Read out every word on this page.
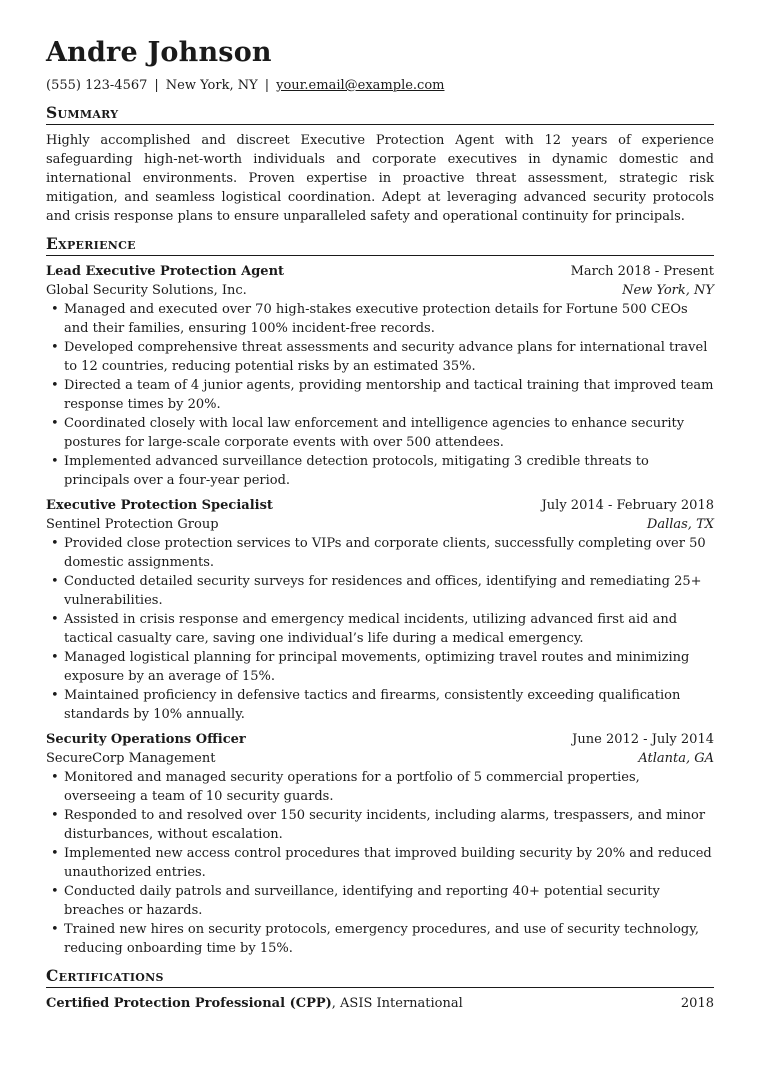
Andre Johnson
(555) 123-4567 | New York, NY | your.email@example.com
Summary
Highly accomplished and discreet Executive Protection Agent with 12 years of experience safeguarding high-net-worth individuals and corporate executives in dynamic domestic and international environments. Proven expertise in proactive threat assessment, strategic risk mitigation, and seamless logistical coordination. Adept at leveraging advanced security protocols and crisis response plans to ensure unparalleled safety and operational continuity for principals.
Experience
Lead Executive Protection Agent	March 2018 - Present
Global Security Solutions, Inc.	New York, NY
• Managed and executed over 70 high-stakes executive protection details for Fortune 500 CEOs and their families, ensuring 100% incident-free records.
• Developed comprehensive threat assessments and security advance plans for international travel to 12 countries, reducing potential risks by an estimated 35%.
• Directed a team of 4 junior agents, providing mentorship and tactical training that improved team response times by 20%.
• Coordinated closely with local law enforcement and intelligence agencies to enhance security postures for large-scale corporate events with over 500 attendees.
• Implemented advanced surveillance detection protocols, mitigating 3 credible threats to principals over a four-year period.
Executive Protection Specialist	July 2014 - February 2018
Sentinel Protection Group	Dallas, TX
• Provided close protection services to VIPs and corporate clients, successfully completing over 50 domestic assignments.
• Conducted detailed security surveys for residences and offices, identifying and remediating 25+ vulnerabilities.
• Assisted in crisis response and emergency medical incidents, utilizing advanced first aid and tactical casualty care, saving one individual’s life during a medical emergency.
• Managed logistical planning for principal movements, optimizing travel routes and minimizing exposure by an average of 15%.
• Maintained proficiency in defensive tactics and firearms, consistently exceeding qualification standards by 10% annually.
Security Operations Officer	June 2012 - July 2014
SecureCorp Management	Atlanta, GA
• Monitored and managed security operations for a portfolio of 5 commercial properties, overseeing a team of 10 security guards.
• Responded to and resolved over 150 security incidents, including alarms, trespassers, and minor disturbances, without escalation.
• Implemented new access control procedures that improved building security by 20% and reduced unauthorized entries.
• Conducted daily patrols and surveillance, identifying and reporting 40+ potential security breaches or hazards.
• Trained new hires on security protocols, emergency procedures, and use of security technology, reducing onboarding time by 15%.
Certifications
Certified Protection Professional (CPP), ASIS International	2018
